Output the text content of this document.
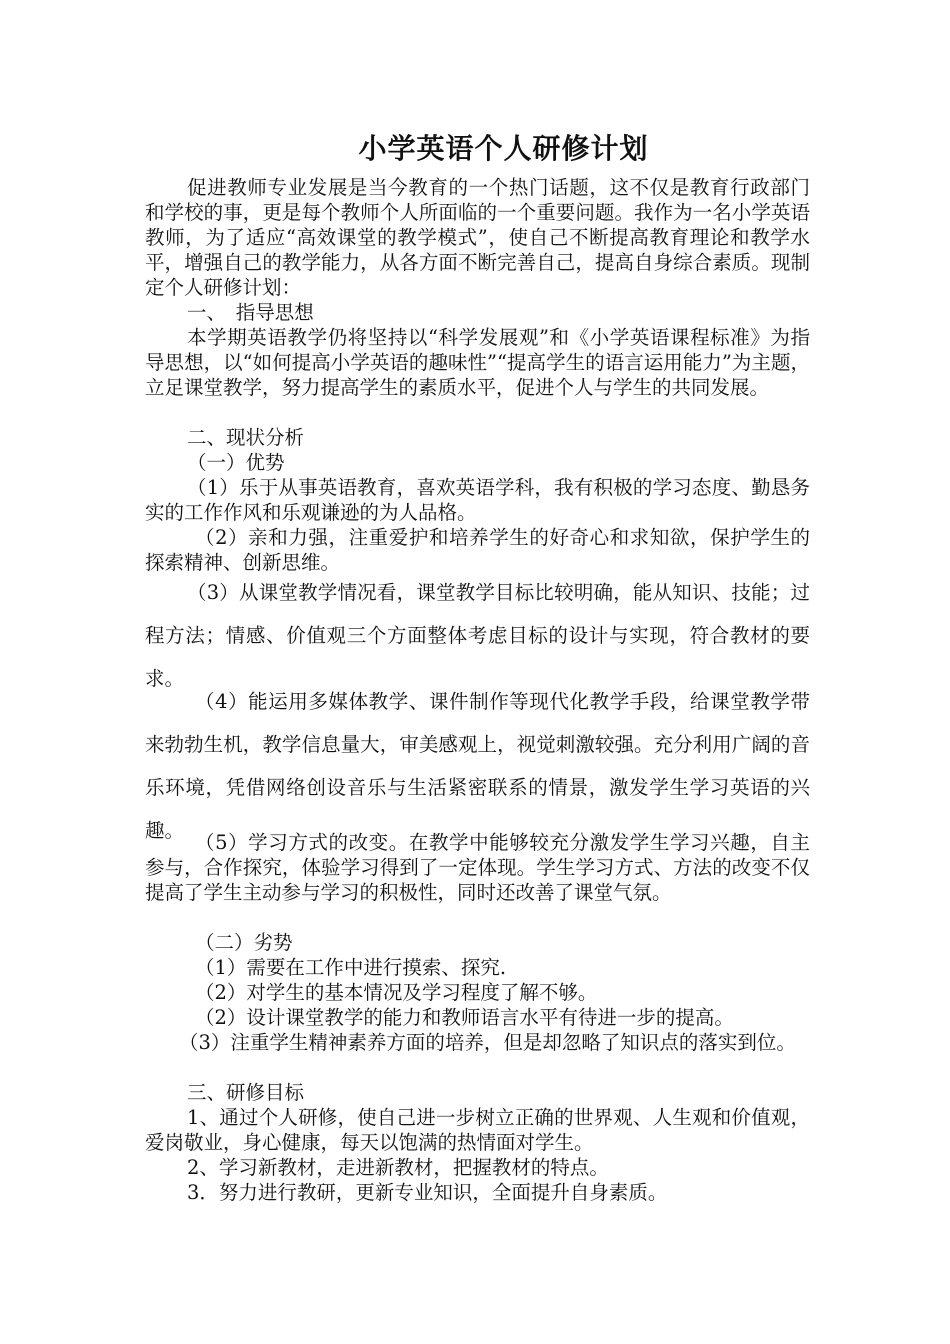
小学英语个人研修计划

促进教师专业发展是当今教育的一个热门话题，这不仅是教育行政部门和学校的事，更是每个教师个人所面临的一个重要问题。我作为一名小学英语教师，为了适应“高效课堂的教学模式”，使自己不断提高教育理论和教学水平，增强自己的教学能力，从各方面不断完善自己，提高自身综合素质。现制定个人研修计划：

一、　指导思想

本学期英语教学仍将坚持以“科学发展观”和《小学英语课程标准》为指导思想，以“如何提高小学英语的趣味性”“提高学生的语言运用能力”为主题，立足课堂教学，努力提高学生的素质水平，促进个人与学生的共同发展。

二、现状分析

（一）优势

（1）乐于从事英语教育，喜欢英语学科，我有积极的学习态度、勤恳务实的工作作风和乐观谦逊的为人品格。

（2）亲和力强，注重爱护和培养学生的好奇心和求知欲，保护学生的探索精神、创新思维。

（3）从课堂教学情况看，课堂教学目标比较明确，能从知识、技能；过程方法；情感、价值观三个方面整体考虑目标的设计与实现，符合教材的要求。

（4）能运用多媒体教学、课件制作等现代化教学手段，给课堂教学带来勃勃生机，教学信息量大，审美感观上，视觉刺激较强。充分利用广阔的音乐环境，凭借网络创设音乐与生活紧密联系的情景，激发学生学习英语的兴趣。

（5）学习方式的改变。在教学中能够较充分激发学生学习兴趣，自主参与，合作探究，体验学习得到了一定体现。学生学习方式、方法的改变不仅提高了学生主动参与学习的积极性，同时还改善了课堂气氛。

（二）劣势

（1）需要在工作中进行摸索、探究.

（2）对学生的基本情况及学习程度了解不够。

（2）设计课堂教学的能力和教师语言水平有待进一步的提高。

（3）注重学生精神素养方面的培养，但是却忽略了知识点的落实到位。

三、研修目标

1、通过个人研修，使自己进一步树立正确的世界观、人生观和价值观，爱岗敬业，身心健康，每天以饱满的热情面对学生。

2、学习新教材，走进新教材，把握教材的特点。

3．努力进行教研，更新专业知识，全面提升自身素质。
